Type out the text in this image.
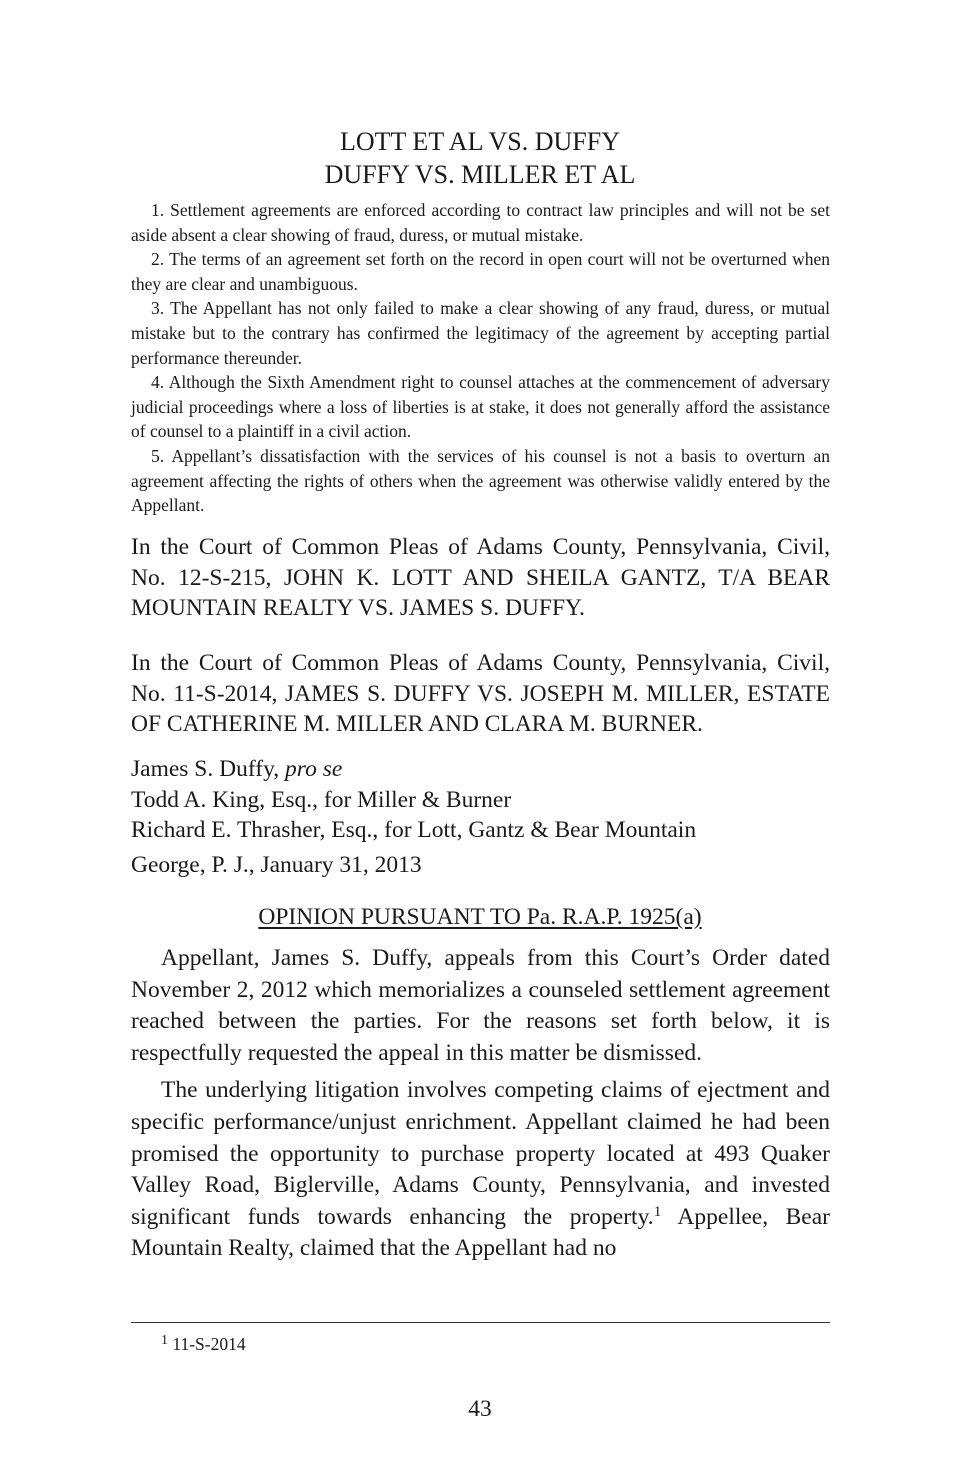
LOTT ET AL VS. DUFFY
DUFFY VS. MILLER ET AL

1. Settlement agreements are enforced according to contract law principles and will not be set aside absent a clear showing of fraud, duress, or mutual mistake.

2. The terms of an agreement set forth on the record in open court will not be overturned when they are clear and unambiguous.

3. The Appellant has not only failed to make a clear showing of any fraud, duress, or mutual mistake but to the contrary has confirmed the legitimacy of the agreement by accepting partial performance thereunder.

4. Although the Sixth Amendment right to counsel attaches at the commencement of adversary judicial proceedings where a loss of liberties is at stake, it does not generally afford the assistance of counsel to a plaintiff in a civil action.

5. Appellant’s dissatisfaction with the services of his counsel is not a basis to overturn an agreement affecting the rights of others when the agreement was otherwise validly entered by the Appellant.

In the Court of Common Pleas of Adams County, Pennsylvania, Civil, No. 12-S-215, JOHN K. LOTT AND SHEILA GANTZ, T/A BEAR MOUNTAIN REALTY VS. JAMES S. DUFFY.

In the Court of Common Pleas of Adams County, Pennsylvania, Civil, No. 11-S-2014, JAMES S. DUFFY VS. JOSEPH M. MILLER, ESTATE OF CATHERINE M. MILLER AND CLARA M. BURNER.

James S. Duffy, pro se
Todd A. King, Esq., for Miller & Burner
Richard E. Thrasher, Esq., for Lott, Gantz & Bear Mountain
George, P. J., January 31, 2013
OPINION PURSUANT TO Pa. R.A.P. 1925(a)

Appellant, James S. Duffy, appeals from this Court’s Order dated November 2, 2012 which memorializes a counseled settlement agreement reached between the parties. For the reasons set forth below, it is respectfully requested the appeal in this matter be dismissed.

The underlying litigation involves competing claims of ejectment and specific performance/unjust enrichment. Appellant claimed he had been promised the opportunity to purchase property located at 493 Quaker Valley Road, Biglerville, Adams County, Pennsylvania, and invested significant funds towards enhancing the property.$^1$ Appellee, Bear Mountain Realty, claimed that the Appellant had no

$^1$ 11-S-2014
43
